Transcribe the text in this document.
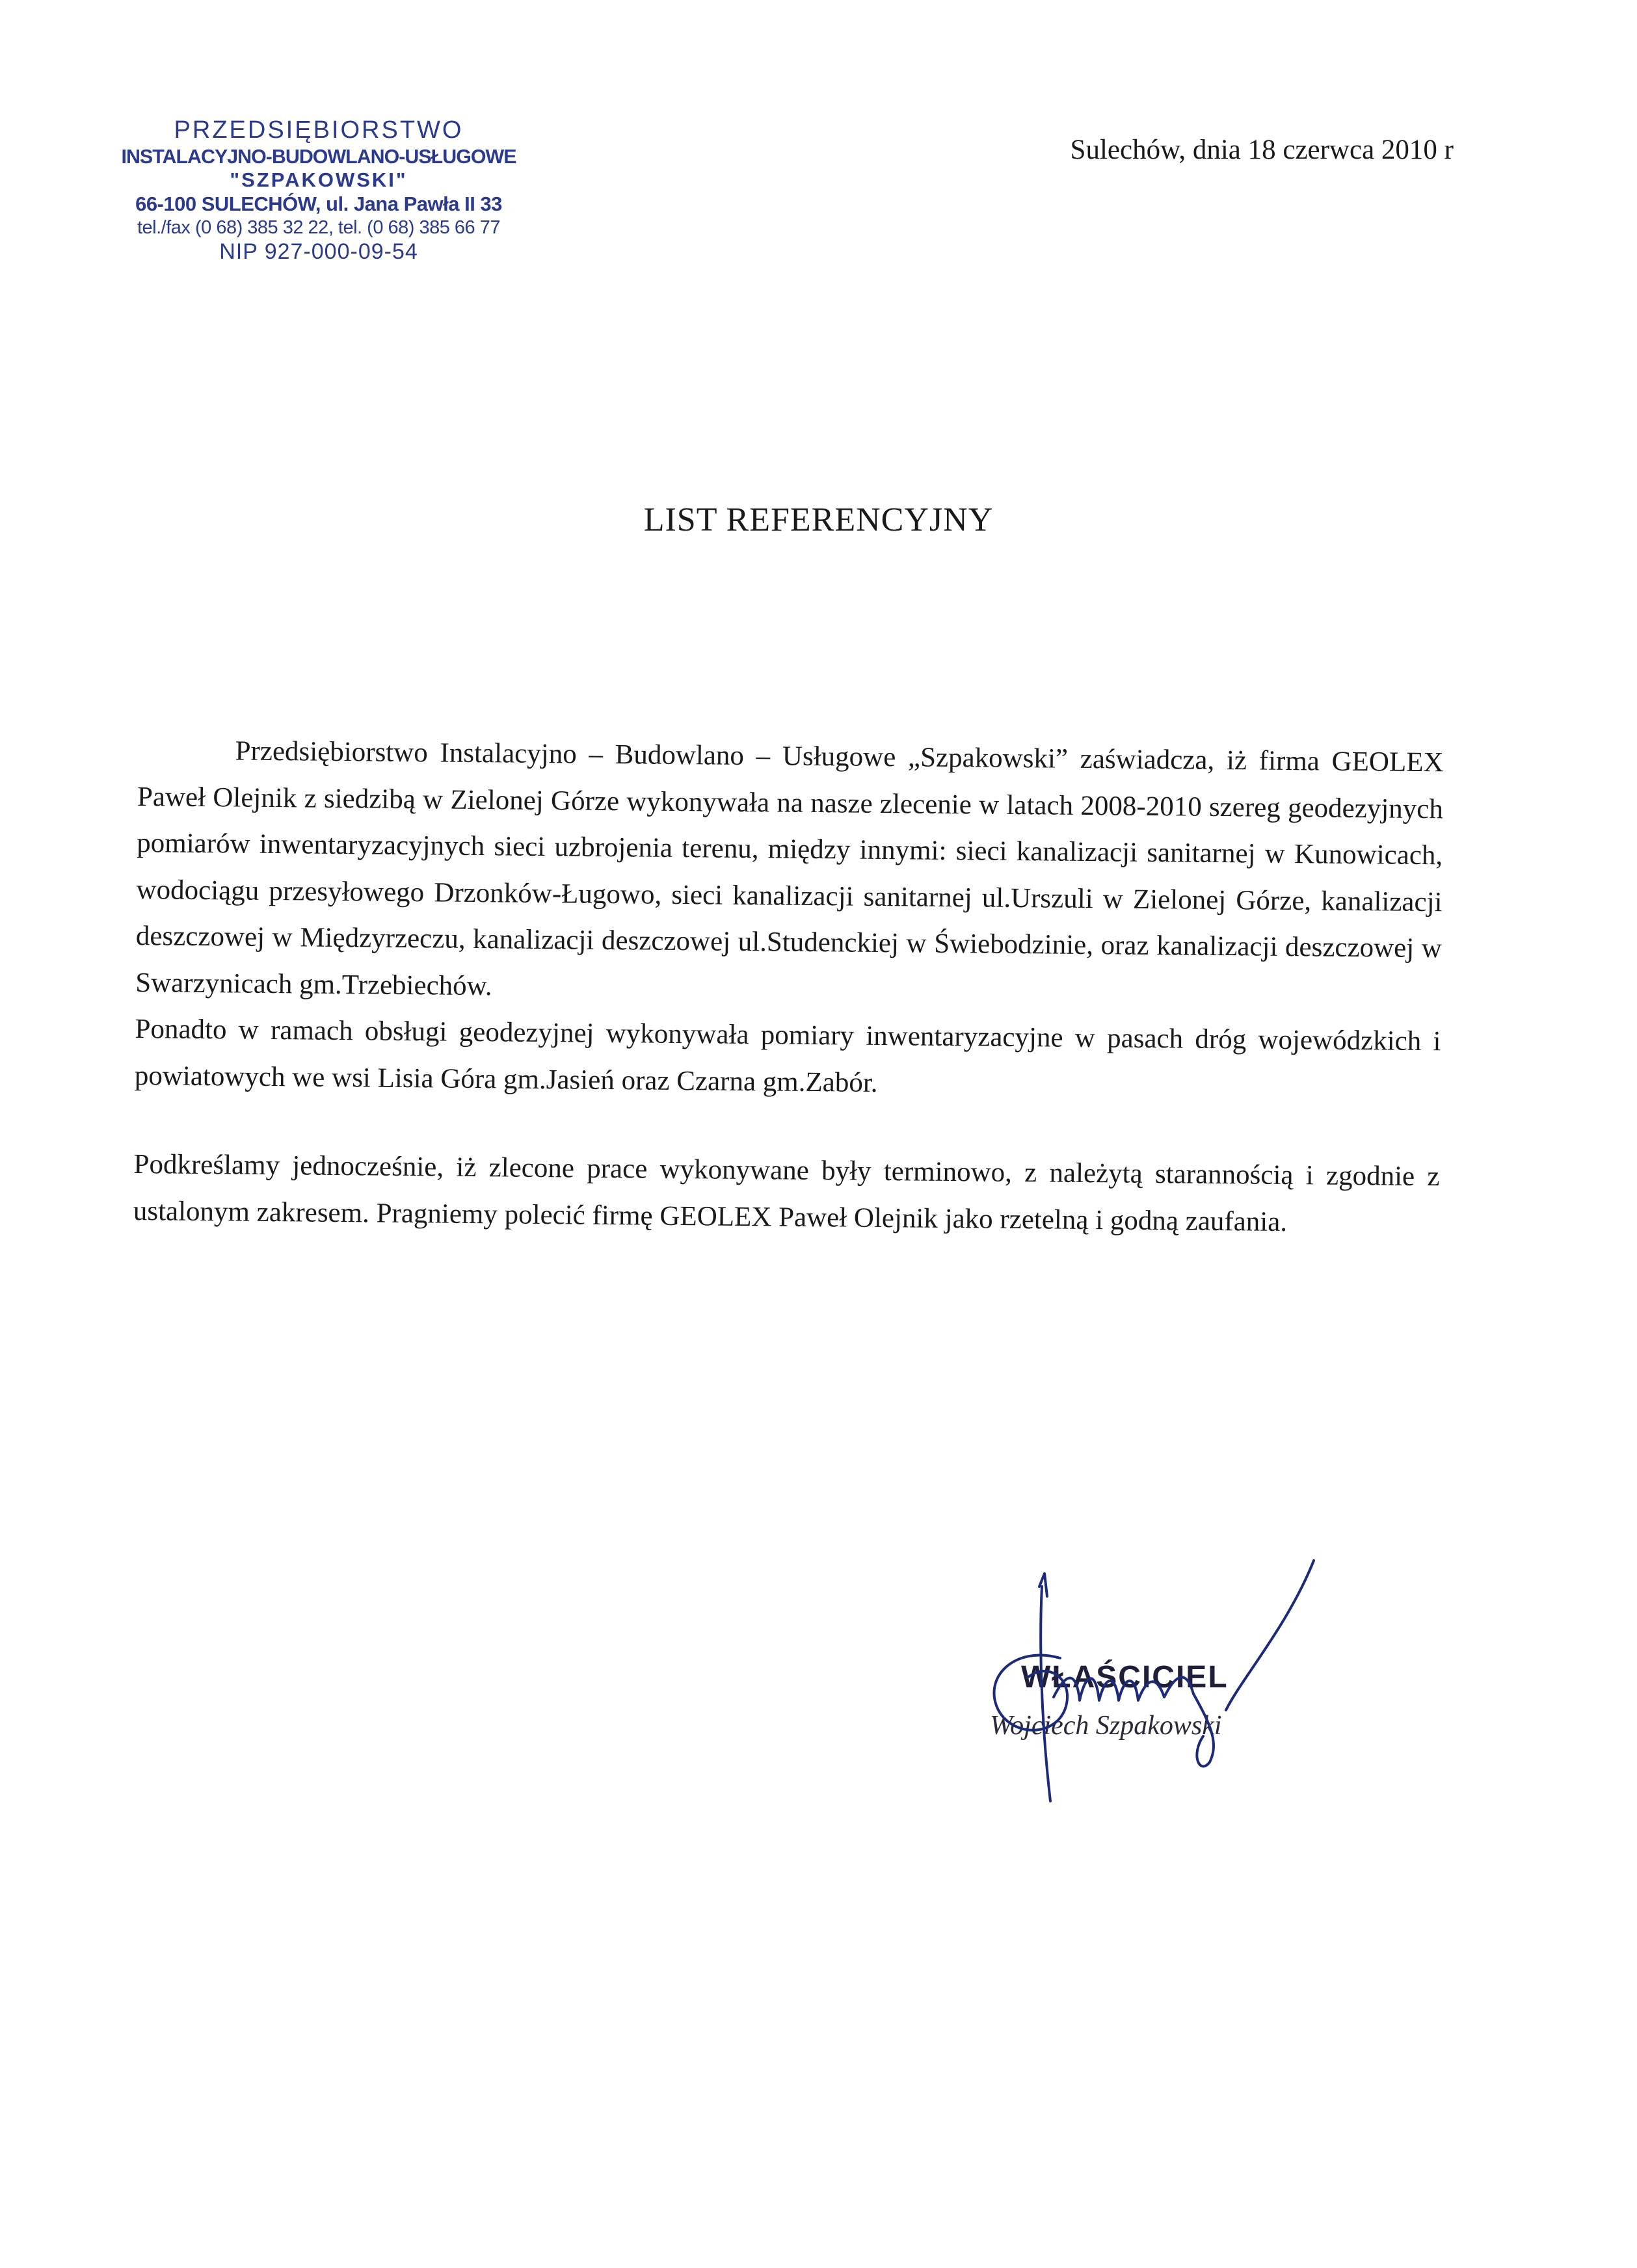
PRZEDSIĘBIORSTWO
INSTALACYJNO-BUDOWLANO-USŁUGOWE
"SZPAKOWSKI"
66-100 SULECHÓW, ul. Jana Pawła II 33
tel./fax (0 68) 385 32 22, tel. (0 68) 385 66 77
NIP 927-000-09-54
Sulechów, dnia 18 czerwca 2010 r
LIST REFERENCYJNY

Przedsiębiorstwo Instalacyjno – Budowlano – Usługowe „Szpakowski” zaświadcza, iż firma GEOLEX Paweł Olejnik z siedzibą w Zielonej Górze wykonywała na nasze zlecenie w latach 2008-2010 szereg geodezyjnych pomiarów inwentaryzacyjnych sieci uzbrojenia terenu, między innymi: sieci kanalizacji sanitarnej w Kunowicach, wodociągu przesyłowego Drzonków-Ługowo, sieci kanalizacji sanitarnej ul.Urszuli w Zielonej Górze, kanalizacji deszczowej w Międzyrzeczu, kanalizacji deszczowej ul.Studenckiej w Świebodzinie, oraz kanalizacji deszczowej w Swarzynicach gm.Trzebiechów.

Ponadto w ramach obsługi geodezyjnej wykonywała pomiary inwentaryzacyjne w pasach dróg wojewódzkich i powiatowych we wsi Lisia Góra gm.Jasień oraz Czarna gm.Zabór.

Podkreślamy jednocześnie, iż zlecone prace wykonywane były terminowo, z należytą starannością i zgodnie z ustalonym zakresem. Pragniemy polecić firmę GEOLEX Paweł Olejnik jako rzetelną i godną zaufania.

WŁAŚCICIEL
Wojciech Szpakowski
